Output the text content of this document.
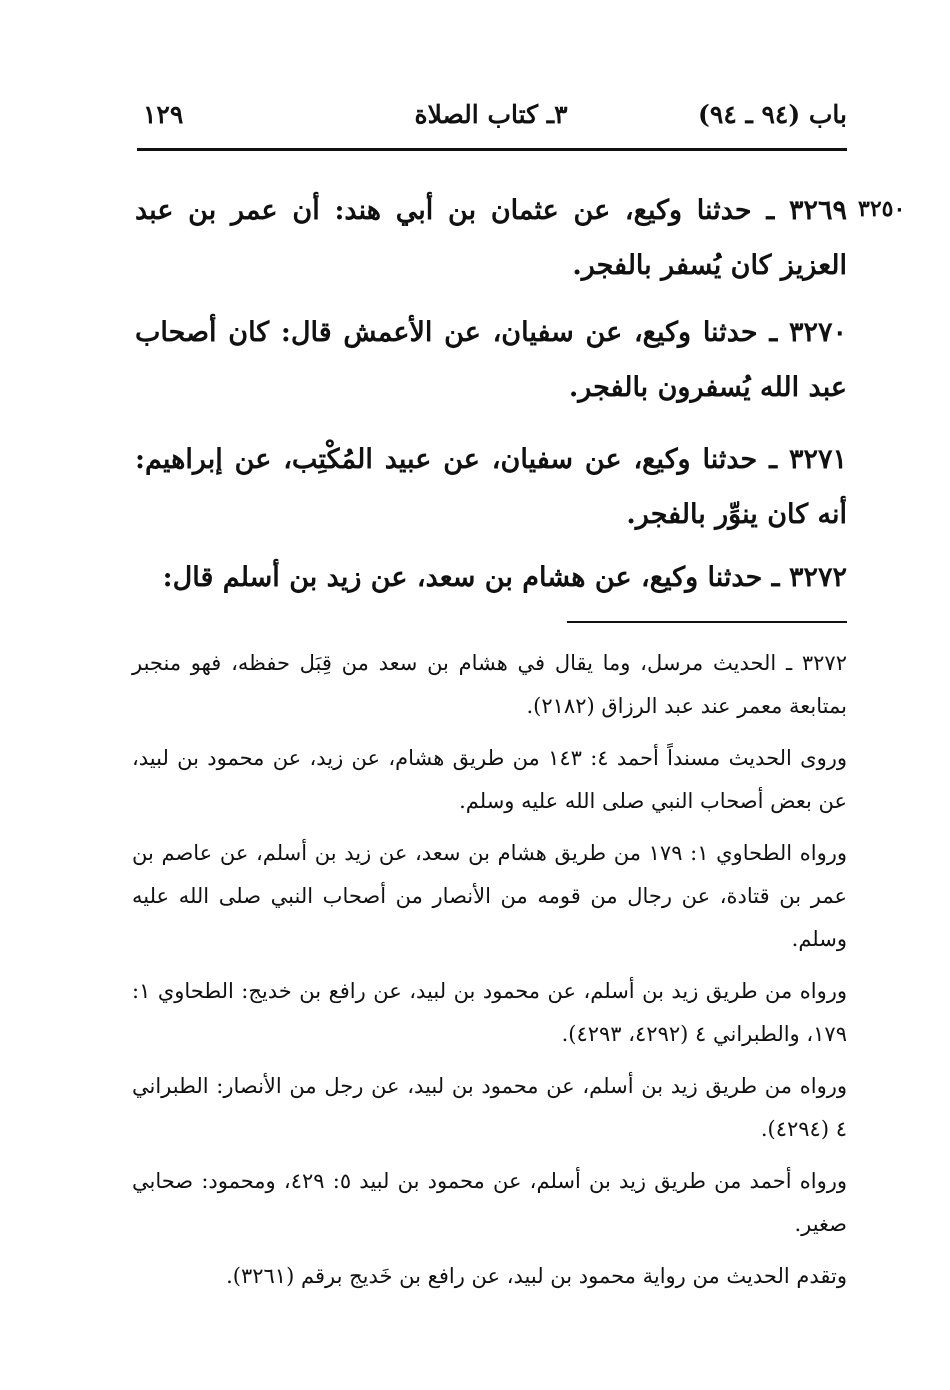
باب (٩٤ ـ ٩٤)
٣ـ كتاب الصلاة
١٢٩
٣٢٥٠

٣٢٦٩ ـ حدثنا وكيع، عن عثمان بن أبي هند: أن عمر بن عبد العزيز كان يُسفر بالفجر.

٣٢٧٠ ـ حدثنا وكيع، عن سفيان، عن الأعمش قال: كان أصحاب عبد الله يُسفرون بالفجر.

٣٢٧١ ـ حدثنا وكيع، عن سفيان، عن عبيد المُكْتِب، عن إبراهيم: أنه كان ينوِّر بالفجر.

٣٢٧٢ ـ حدثنا وكيع، عن هشام بن سعد، عن زيد بن أسلم قال:

٣٢٧٢ ـ الحديث مرسل، وما يقال في هشام بن سعد من قِبَل حفظه، فهو منجبر بمتابعة معمر عند عبد الرزاق (٢١٨٢).

وروى الحديث مسنداً أحمد ٤: ١٤٣ من طريق هشام، عن زيد، عن محمود بن لبيد، عن بعض أصحاب النبي صلى الله عليه وسلم.

ورواه الطحاوي ١: ١٧٩ من طريق هشام بن سعد، عن زيد بن أسلم، عن عاصم بن عمر بن قتادة، عن رجال من قومه من الأنصار من أصحاب النبي صلى الله عليه وسلم.

ورواه من طريق زيد بن أسلم، عن محمود بن لبيد، عن رافع بن خديج: الطحاوي ١: ١٧٩، والطبراني ٤ (٤٢٩٢، ٤٢٩٣).

ورواه من طريق زيد بن أسلم، عن محمود بن لبيد، عن رجل من الأنصار: الطبراني ٤ (٤٢٩٤).

ورواه أحمد من طريق زيد بن أسلم، عن محمود بن لبيد ٥: ٤٢٩، ومحمود: صحابي صغير.

وتقدم الحديث من رواية محمود بن لبيد، عن رافع بن خَديج برقم (٣٢٦١).
